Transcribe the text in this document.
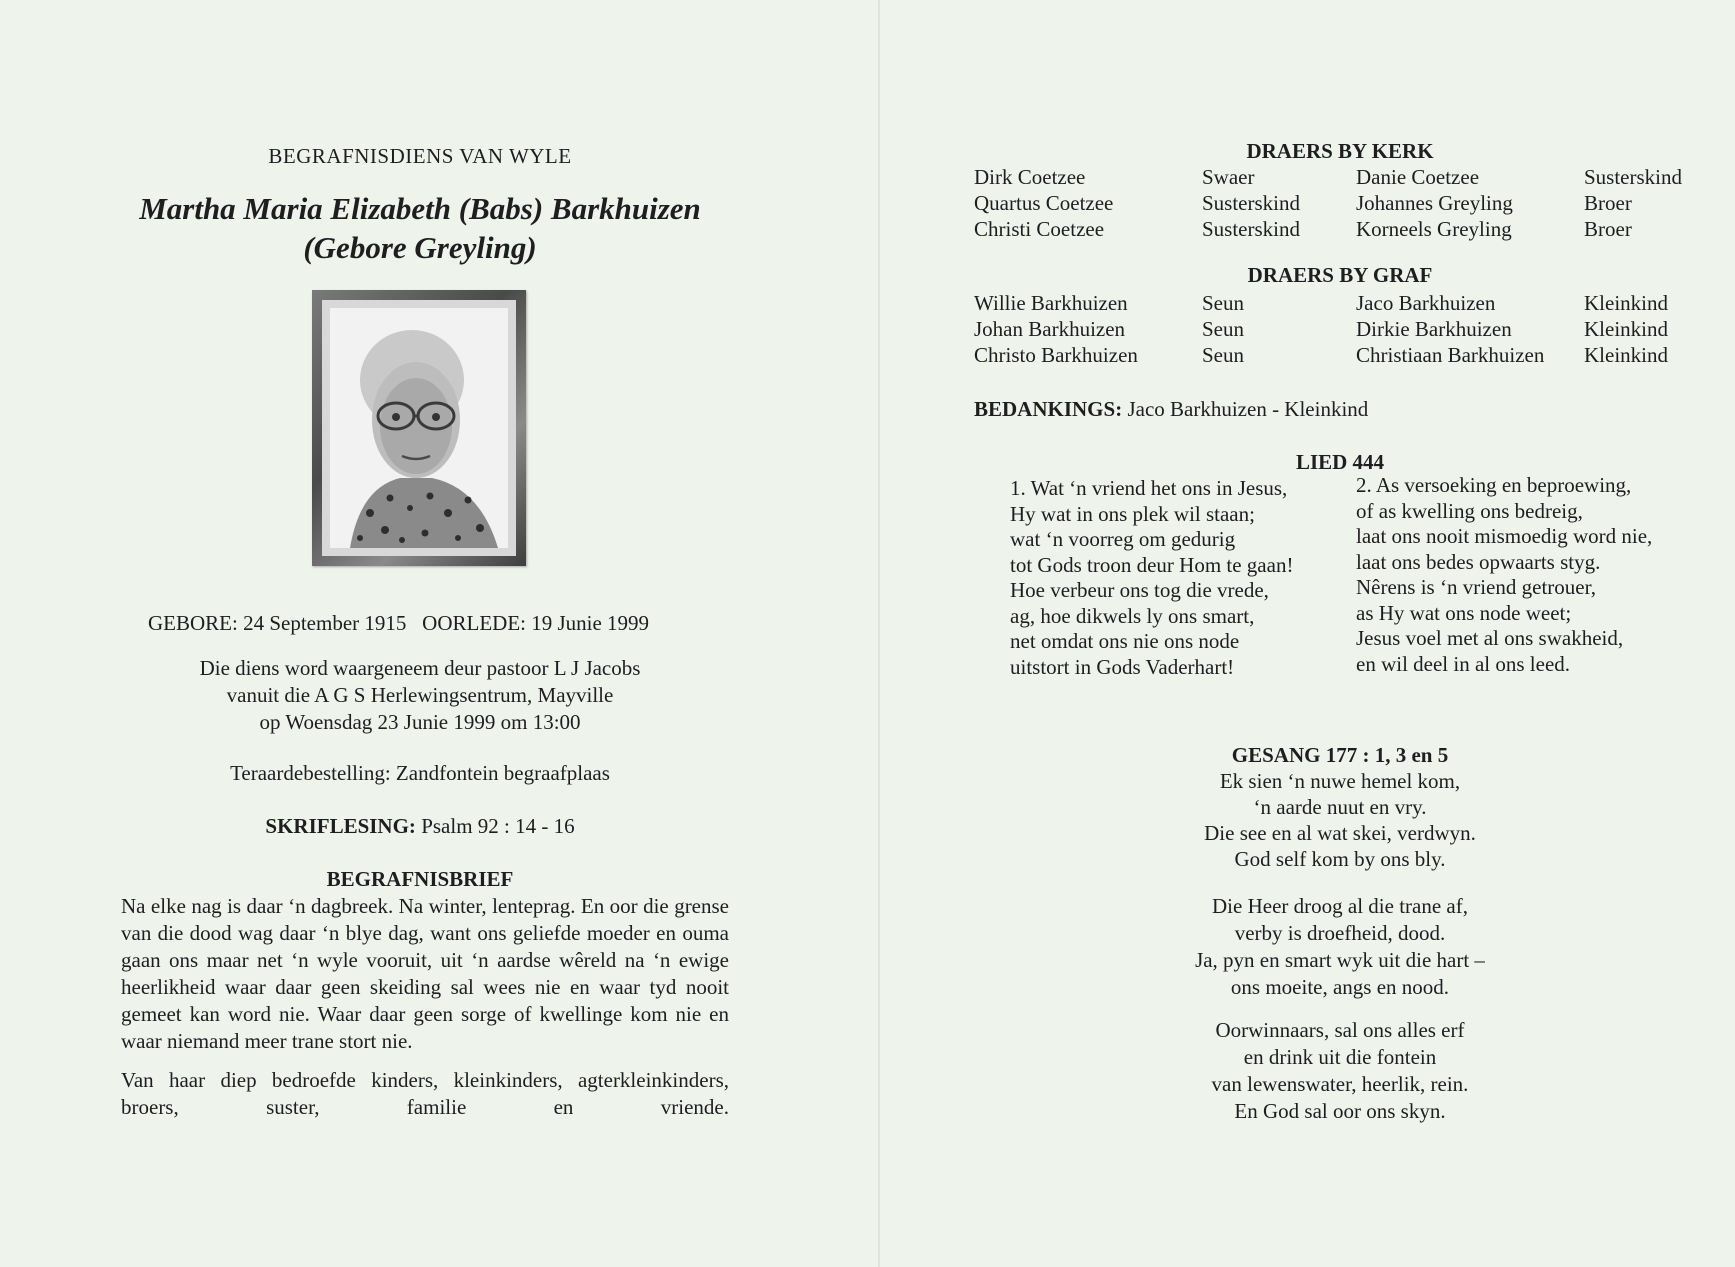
BEGRAFNISDIENS VAN WYLE
Martha Maria Elizabeth (Babs) Barkhuizen
(Gebore Greyling)
GEBORE: 24 September 1915 OORLEDE: 19 Junie 1999
Die diens word waargeneem deur pastoor L J Jacobs
vanuit die A G S Herlewingsentrum, Mayville
op Woensdag 23 Junie 1999 om 13:00
Teraardebestelling: Zandfontein begraafplaas
SKRIFLESING: Psalm 92 : 14 - 16
BEGRAFNISBRIEF

Na elke nag is daar ‘n dagbreek. Na winter, lenteprag. En oor die grense van die dood wag daar ‘n blye dag, want ons geliefde moeder en ouma gaan ons maar net ‘n wyle vooruit, uit ‘n aardse wêreld na ‘n ewige heerlikheid waar daar geen skeiding sal wees nie en waar tyd nooit gemeet kan word nie. Waar daar geen sorge of kwellinge kom nie en waar niemand meer trane stort nie.

Van haar diep bedroefde kinders, kleinkinders, agterkleinkinders, broers, suster, familie en vriende.

DRAERS BY KERK
Dirk Coetzee	Swaer	Danie Coetzee	Susterskind
Quartus Coetzee	Susterskind	Johannes Greyling	Broer
Christi Coetzee	Susterskind	Korneels Greyling	Broer
DRAERS BY GRAF
Willie Barkhuizen	Seun	Jaco Barkhuizen	Kleinkind
Johan Barkhuizen	Seun	Dirkie Barkhuizen	Kleinkind
Christo Barkhuizen	Seun	Christiaan Barkhuizen	Kleinkind
BEDANKINGS: Jaco Barkhuizen - Kleinkind
LIED 444
1. Wat ‘n vriend het ons in Jesus,
Hy wat in ons plek wil staan;
wat ‘n voorreg om gedurig
tot Gods troon deur Hom te gaan!
Hoe verbeur ons tog die vrede,
ag, hoe dikwels ly ons smart,
net omdat ons nie ons node
uitstort in Gods Vaderhart!
2. As versoeking en beproewing,
of as kwelling ons bedreig,
laat ons nooit mismoedig word nie,
laat ons bedes opwaarts styg.
Nêrens is ‘n vriend getrouer,
as Hy wat ons node weet;
Jesus voel met al ons swakheid,
en wil deel in al ons leed.
GESANG 177 : 1, 3 en 5
Ek sien ‘n nuwe hemel kom,
‘n aarde nuut en vry.
Die see en al wat skei, verdwyn.
God self kom by ons bly.
Die Heer droog al die trane af,
verby is droefheid, dood.
Ja, pyn en smart wyk uit die hart –
ons moeite, angs en nood.
Oorwinnaars, sal ons alles erf
en drink uit die fontein
van lewenswater, heerlik, rein.
En God sal oor ons skyn.
